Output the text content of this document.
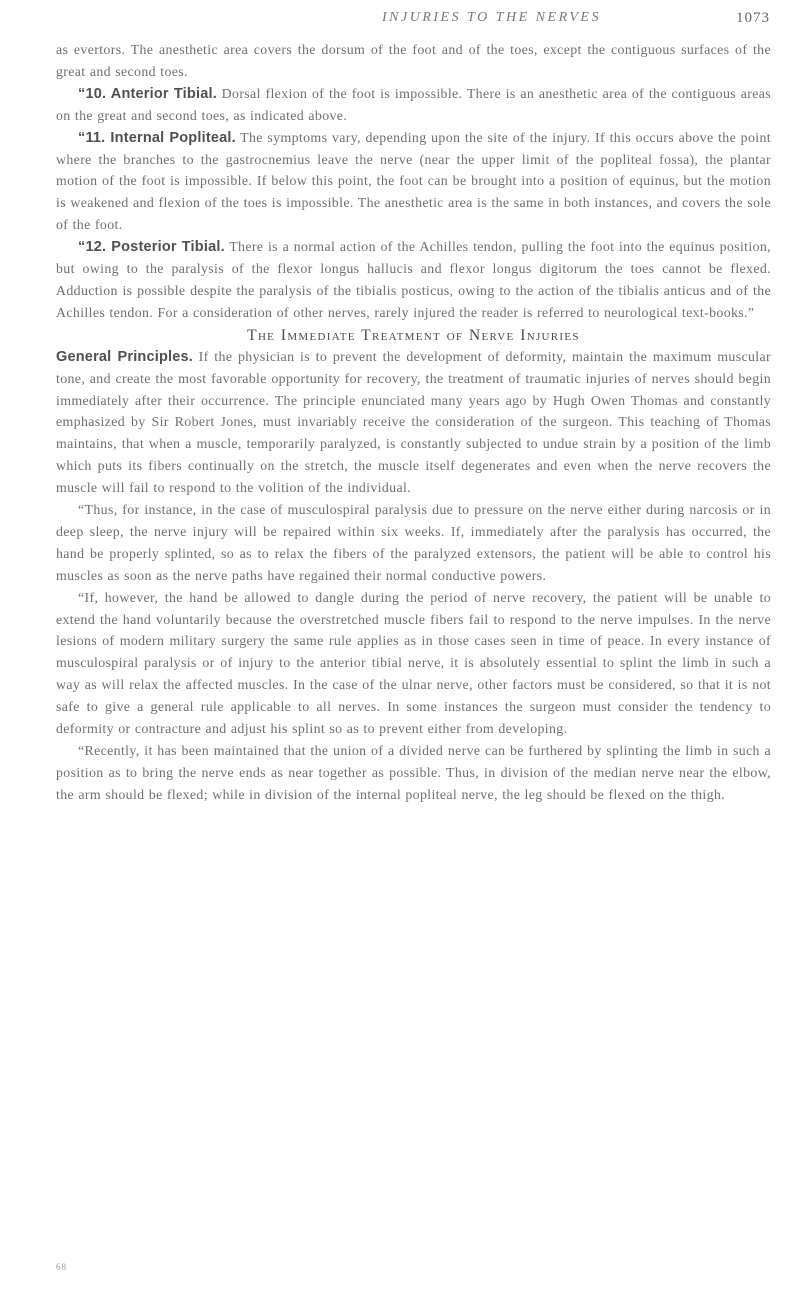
INJURIES TO THE NERVES	1073

as evertors. The anesthetic area covers the dorsum of the foot and of the toes, except the contiguous surfaces of the great and second toes.

“10. Anterior Tibial. Dorsal flexion of the foot is impossible. There is an anesthetic area of the contiguous areas on the great and second toes, as indicated above.

“11. Internal Popliteal. The symptoms vary, depending upon the site of the injury. If this occurs above the point where the branches to the gastrocnemius leave the nerve (near the upper limit of the popliteal fossa), the plantar motion of the foot is impossible. If below this point, the foot can be brought into a position of equinus, but the motion is weakened and flexion of the toes is impossible. The anesthetic area is the same in both instances, and covers the sole of the foot.

“12. Posterior Tibial. There is a normal action of the Achilles tendon, pulling the foot into the equinus position, but owing to the paralysis of the flexor longus hallucis and flexor longus digitorum the toes cannot be flexed. Adduction is possible despite the paralysis of the tibialis posticus, owing to the action of the tibialis anticus and of the Achilles tendon. For a consideration of other nerves, rarely injured the reader is referred to neurological text-books.”

The Immediate Treatment of Nerve Injuries

General Principles. If the physician is to prevent the development of deformity, maintain the maximum muscular tone, and create the most favorable opportunity for recovery, the treatment of traumatic injuries of nerves should begin immediately after their occurrence. The principle enunciated many years ago by Hugh Owen Thomas and constantly emphasized by Sir Robert Jones, must invariably receive the consideration of the surgeon. This teaching of Thomas maintains, that when a muscle, temporarily paralyzed, is constantly subjected to undue strain by a position of the limb which puts its fibers continually on the stretch, the muscle itself degenerates and even when the nerve recovers the muscle will fail to respond to the volition of the individual.

“Thus, for instance, in the case of musculospiral paralysis due to pressure on the nerve either during narcosis or in deep sleep, the nerve injury will be repaired within six weeks. If, immediately after the paralysis has occurred, the hand be properly splinted, so as to relax the fibers of the paralyzed extensors, the patient will be able to control his muscles as soon as the nerve paths have regained their normal conductive powers.

“If, however, the hand be allowed to dangle during the period of nerve recovery, the patient will be unable to extend the hand voluntarily because the overstretched muscle fibers fail to respond to the nerve impulses. In the nerve lesions of modern military surgery the same rule applies as in those cases seen in time of peace. In every instance of musculospiral paralysis or of injury to the anterior tibial nerve, it is absolutely essential to splint the limb in such a way as will relax the affected muscles. In the case of the ulnar nerve, other factors must be considered, so that it is not safe to give a general rule applicable to all nerves. In some instances the surgeon must consider the tendency to deformity or contracture and adjust his splint so as to prevent either from developing.

“Recently, it has been maintained that the union of a divided nerve can be furthered by splinting the limb in such a position as to bring the nerve ends as near together as possible. Thus, in division of the median nerve near the elbow, the arm should be flexed; while in division of the internal popliteal nerve, the leg should be flexed on the thigh.

68
